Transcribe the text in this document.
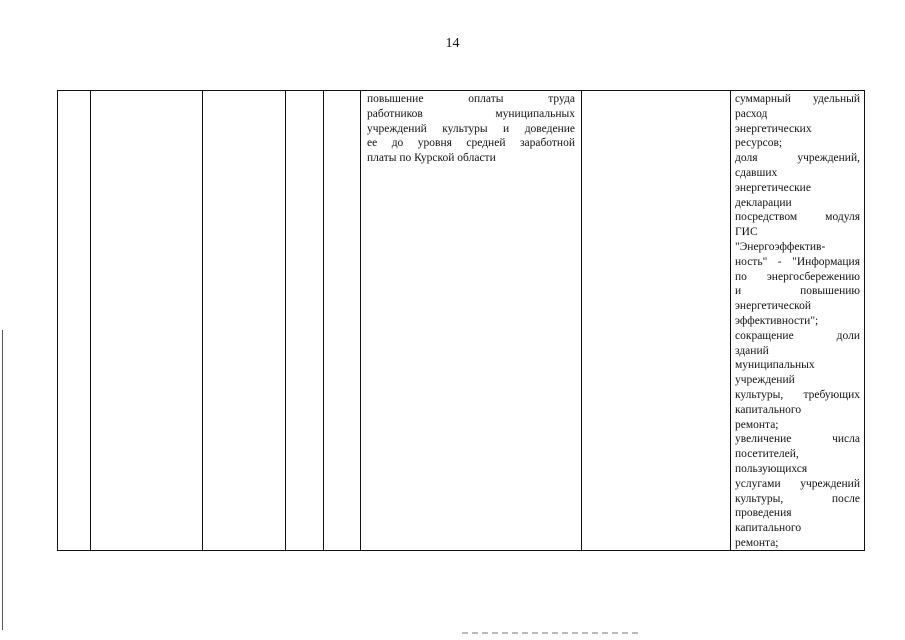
14
повышение оплаты труда
работников муниципальных
учреждений культуры и доведение
ее до уровня средней заработной
платы по Курской области
суммарный удельный
расход
энергетических
ресурсов;
доля учреждений,
сдавших
энергетические
декларации
посредством модуля
ГИС
"Энергоэффектив-
ность" - "Информация
по энергосбережению
и повышению
энергетической
эффективности";
сокращение доли
зданий
муниципальных
учреждений
культуры, требующих
капитального
ремонта;
увеличение числа
посетителей,
пользующихся
услугами учреждений
культуры, после
проведения
капитального
ремонта;
